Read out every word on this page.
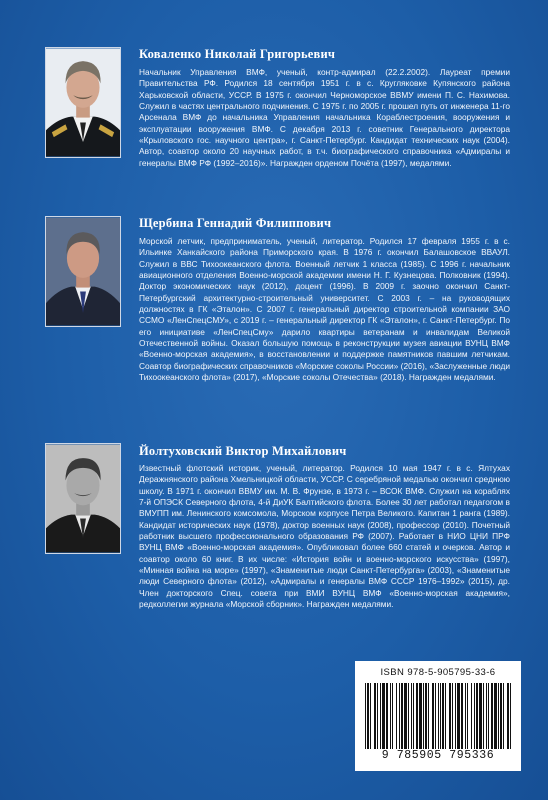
Коваленко Николай Григорьевич
Начальник Управления ВМФ, ученый, контр-адмирал (22.2.2002). Лауреат премии Правительства РФ. Родился 18 сентября 1951 г. в с. Кругляковке Купянского района Харьковской области, УССР. В 1975 г. окончил Черноморское ВВМУ имени П. С. Нахимова. Служил в частях центрального подчинения. С 1975 г. по 2005 г. прошел путь от инженера 11-го Арсенала ВМФ до начальника Управления начальника Кораблестроения, вооружения и эксплуатации вооружения ВМФ. С декабря 2013 г. советник Генерального директора «Крыловского гос. научного центра», г. Санкт-Петербург. Кандидат технических наук (2004). Автор, соавтор около 20 научных работ, в т.ч. биографического справочника «Адмиралы и генералы ВМФ РФ (1992–2016)». Награжден орденом Почёта (1997), медалями.
Щербина Геннадий Филиппович
Морской летчик, предприниматель, ученый, литератор. Родился 17 февраля 1955 г. в с. Ильинке Ханкайского района Приморского края. В 1976 г. окончил Балашовское ВВАУЛ. Служил в ВВС Тихоокеанского флота. Военный летчик 1 класса (1985). С 1996 г. начальник авиационного отделения Военно-морской академии имени Н. Г. Кузнецова. Полковник (1994). Доктор экономических наук (2012), доцент (1996). В 2009 г. заочно окончил Санкт-Петербургский архитектурно-строительный университет. С 2003 г. – на руководящих должностях в ГК «Эталон». С 2007 г. генеральный директор строительной компании ЗАО ССМО «ЛенСпецСМУ», с 2019 г. – генеральный директор ГК «Эталон», г. Санкт-Петербург. По его инициативе «ЛенСпецСму» дарило квартиры ветеранам и инвалидам Великой Отечественной войны. Оказал большую помощь в реконструкции музея авиации ВУНЦ ВМФ «Военно-морская академия», в восстановлении и поддержке памятников павшим летчикам. Соавтор биографических справочников «Морские соколы России» (2016), «Заслуженные люди Тихоокеанского флота» (2017), «Морские соколы Отечества» (2018). Награжден медалями.
Йолтуховский Виктор Михайлович
Известный флотский историк, ученый, литератор. Родился 10 мая 1947 г. в с. Ялтухах Деражнянского района Хмельницкой области, УССР. С серебряной медалью окончил среднюю школу. В 1971 г. окончил ВВМУ им. М. В. Фрунзе, в 1973 г. – ВСОК ВМФ. Служил на кораблях 7-й ОПЭСК Северного флота, 4-й ДиУК Балтийского флота. Более 30 лет работал педагогом в ВМУПП им. Ленинского комсомола, Морском корпусе Петра Великого. Капитан 1 ранга (1989). Кандидат исторических наук (1978), доктор военных наук (2008), профессор (2010). Почетный работник высшего профессионального образования РФ (2007). Работает в НИО ЦНИ ПРФ ВУНЦ ВМФ «Военно-морская академия». Опубликовал более 660 статей и очерков. Автор и соавтор около 60 книг. В их числе: «История войн и военно-морского искусства» (1997), «Минная война на море» (1997), «Знаменитые люди Санкт-Петербурга» (2003), «Знаменитые люди Северного флота» (2012), «Адмиралы и генералы ВМФ СССР 1976–1992» (2015), др. Член докторского Спец. совета при ВМИ ВУНЦ ВМФ «Военно-морская академия», редколлегии журнала «Морской сборник». Награжден медалями.
ISBN 978-5-905795-33-6
9 785905 795336
